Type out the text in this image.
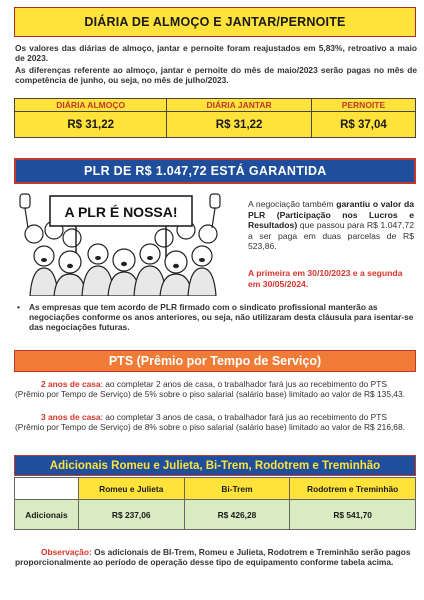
DIÁRIA DE ALMOÇO E JANTAR/PERNOITE
Os valores das diárias de almoço, jantar e pernoite foram reajustados em 5,83%, retroativo a maio de 2023.
As diferenças referente ao almoço, jantar e pernoite do mês de maio/2023 serão pagas no mês de competência de junho, ou seja, no mês de julho/2023.
DIÁRIA ALMOÇO	DIÁRIA JANTAR	PERNOITE
R$ 31,22	R$ 31,22	R$ 37,04
PLR DE R$ 1.047,72 ESTÁ GARANTIDA
A PLR É NOSSA!	A negociação também garantiu o valor da PLR (Participação nos Lucros e Resultados) que passou para R$ 1.047,72 a ser paga em duas parcelas de R$ 523,86.
A primeira em 30/10/2023 e a segunda em 30/05/2024.
• As empresas que tem acordo de PLR firmado com o sindicato profissional manterão as negociações conforme os anos anteriores, ou seja, não utilizaram desta cláusula para isentar-se das negociações futuras.
PTS (Prêmio por Tempo de Serviço)
2 anos de casa: ao completar 2 anos de casa, o trabalhador fará jus ao recebimento do PTS (Prêmio por Tempo de Serviço) de 5% sobre o piso salarial (salário base) limitado ao valor de R$ 135,43.
3 anos de casa: ao completar 3 anos de casa, o trabalhador fará jus ao recebimento do PTS (Prêmio por Tempo de Serviço) de 8% sobre o piso salarial (salário base) limitado ao valor de R$ 216,68.
Adicionais Romeu e Julieta, Bi-Trem, Rodotrem e Treminhão
	Romeu e Julieta	Bi-Trem	Rodotrem e Treminhão
Adicionais	R$ 237,06	R$ 426,28	R$ 541,70
Observação: Os adicionais de BI-Trem, Romeu e Julieta, Rodotrem e Treminhão serão pagos proporcionalmente ao período de operação desse tipo de equipamento conforme tabela acima.
